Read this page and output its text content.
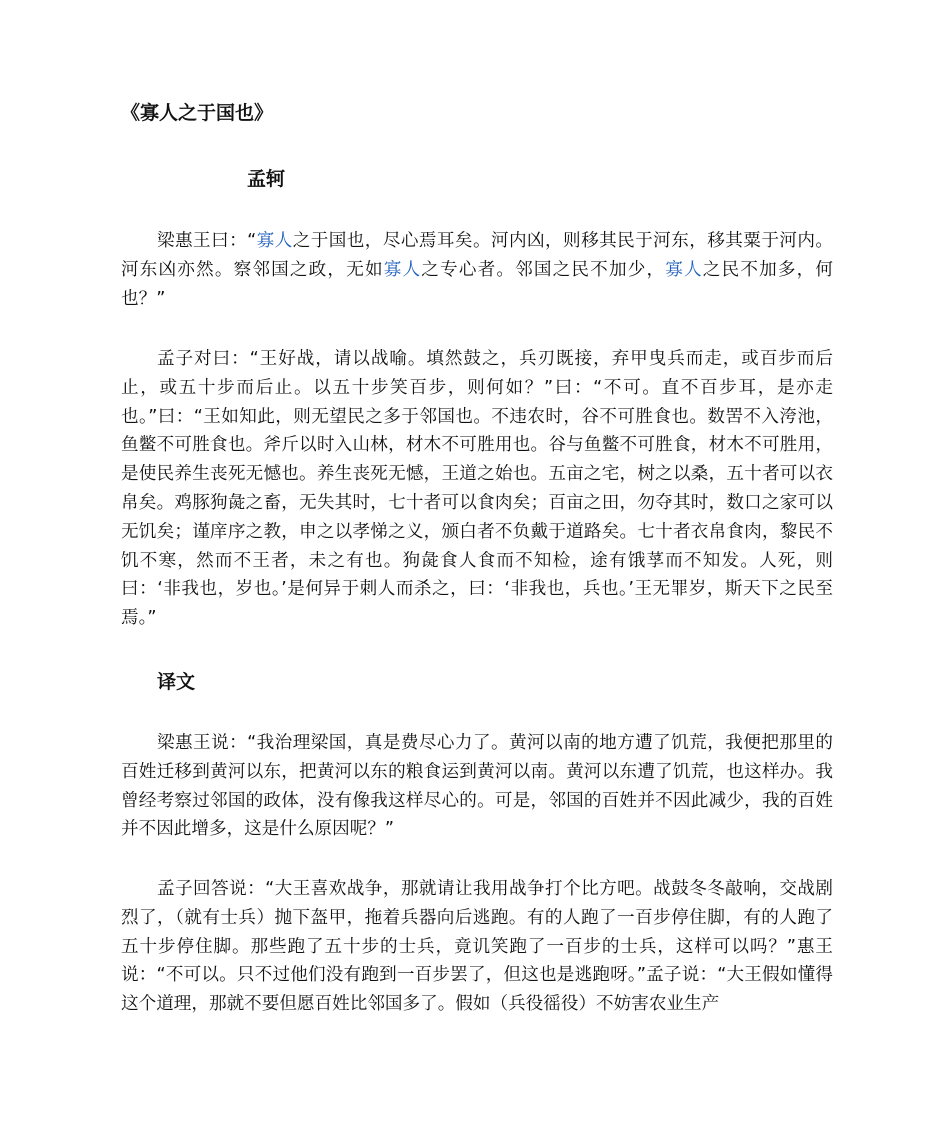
《寡人之于国也》
孟轲

梁惠王曰：“寡人之于国也，尽心焉耳矣。河内凶，则移其民于河东，移其粟于河内。河东凶亦然。察邻国之政，无如寡人之专心者。邻国之民不加少，寡人之民不加多，何也？”

孟子对曰：“王好战，请以战喻。填然鼓之，兵刃既接，弃甲曳兵而走，或百步而后止，或五十步而后止。以五十步笑百步，则何如？”曰：“不可。直不百步耳，是亦走也。”曰：“王如知此，则无望民之多于邻国也。不违农时，谷不可胜食也。数罟不入洿池，鱼鳖不可胜食也。斧斤以时入山林，材木不可胜用也。谷与鱼鳖不可胜食，材木不可胜用，是使民养生丧死无憾也。养生丧死无憾，王道之始也。五亩之宅，树之以桑，五十者可以衣帛矣。鸡豚狗彘之畜，无失其时，七十者可以食肉矣；百亩之田，勿夺其时，数口之家可以无饥矣；谨庠序之教，申之以孝悌之义，颁白者不负戴于道路矣。七十者衣帛食肉，黎民不饥不寒，然而不王者，未之有也。狗彘食人食而不知检，途有饿莩而不知发。人死，则曰：‘非我也，岁也。’是何异于刺人而杀之，曰：‘非我也，兵也。’王无罪岁，斯天下之民至焉。”

译文

梁惠王说：“我治理梁国，真是费尽心力了。黄河以南的地方遭了饥荒，我便把那里的百姓迁移到黄河以东，把黄河以东的粮食运到黄河以南。黄河以东遭了饥荒，也这样办。我曾经考察过邻国的政体，没有像我这样尽心的。可是，邻国的百姓并不因此减少，我的百姓并不因此增多，这是什么原因呢？”

孟子回答说：“大王喜欢战争，那就请让我用战争打个比方吧。战鼓冬冬敲响，交战剧烈了，（就有士兵）抛下盔甲，拖着兵器向后逃跑。有的人跑了一百步停住脚，有的人跑了五十步停住脚。那些跑了五十步的士兵，竟讥笑跑了一百步的士兵，这样可以吗？”惠王说：“不可以。只不过他们没有跑到一百步罢了，但这也是逃跑呀。”孟子说：“大王假如懂得这个道理，那就不要但愿百姓比邻国多了。假如（兵役徭役）不妨害农业生产
